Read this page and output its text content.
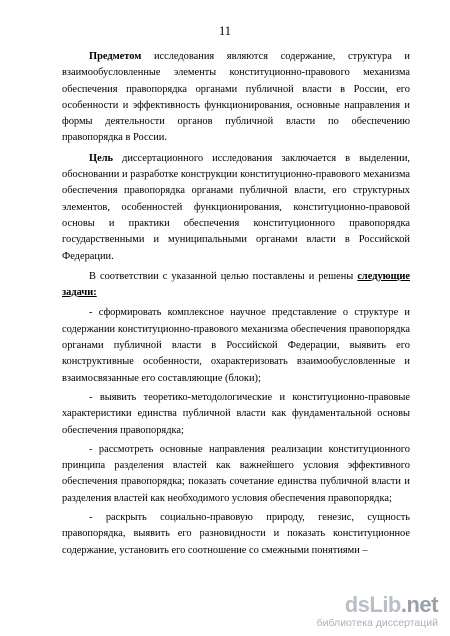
11

Предметом исследования являются содержание, структура и взаимообусловленные элементы конституционно-правового механизма обеспечения правопорядка органами публичной власти в России, его особенности и эффективность функционирования, основные направления и формы деятельности органов публичной власти по обеспечению правопорядка в России.

Цель диссертационного исследования заключается в выделении, обосновании и разработке конструкции конституционно-правового механизма обеспечения правопорядка органами публичной власти, его структурных элементов, особенностей функционирования, конституционно-правовой основы и практики обеспечения конституционного правопорядка государственными и муниципальными органами власти в Российской Федерации.

В соответствии с указанной целью поставлены и решены следующие задачи:

- сформировать комплексное научное представление о структуре и содержании конституционно-правового механизма обеспечения правопорядка органами публичной власти в Российской Федерации, выявить его конструктивные особенности, охарактеризовать взаимообусловленные и взаимосвязанные его составляющие (блоки);

- выявить теоретико-методологические и конституционно-правовые характеристики единства публичной власти как фундаментальной основы обеспечения правопорядка;

- рассмотреть основные направления реализации конституционного принципа разделения властей как важнейшего условия эффективного обеспечения правопорядка; показать сочетание единства публичной власти и разделения властей как необходимого условия обеспечения правопорядка;

- раскрыть социально-правовую природу, генезис, сущность правопорядка, выявить его разновидности и показать конституционное содержание, установить его соотношение со смежными понятиями –

dsLib.net
библиотека диссертаций
